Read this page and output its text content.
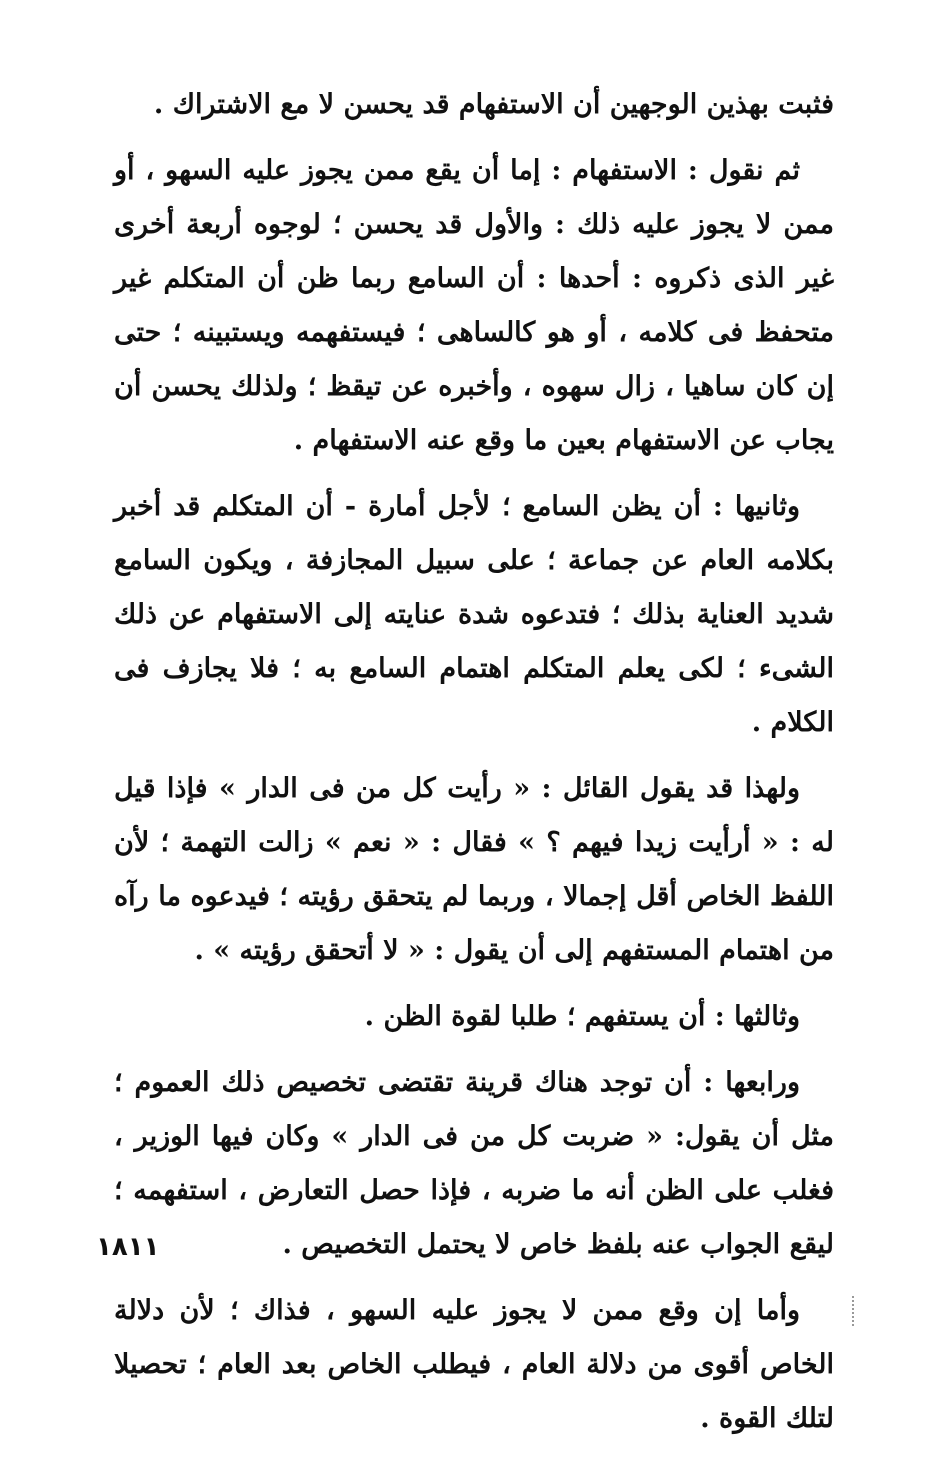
فثبت بهذين الوجهين أن الاستفهام قد يحسن لا مع الاشتراك .

ثم نقول : الاستفهام : إما أن يقع ممن يجوز عليه السهو ، أو ممن لا يجوز عليه ذلك : والأول قد يحسن ؛ لوجوه أربعة أخرى غير الذى ذكروه : أحدها : أن السامع ربما ظن أن المتكلم غير متحفظ فى كلامه ، أو هو كالساهى ؛ فيستفهمه ويستبينه ؛ حتى إن كان ساهيا ، زال سهوه ، وأخبره عن تيقظ ؛ ولذلك يحسن أن يجاب عن الاستفهام بعين ما وقع عنه الاستفهام .

وثانيها : أن يظن السامع ؛ لأجل أمارة - أن المتكلم قد أخبر بكلامه العام عن جماعة ؛ على سبيل المجازفة ، ويكون السامع شديد العناية بذلك ؛ فتدعوه شدة عنايته إلى الاستفهام عن ذلك الشىء ؛ لكى يعلم المتكلم اهتمام السامع به ؛ فلا يجازف فى الكلام .

ولهذا قد يقول القائل : « رأيت كل من فى الدار » فإذا قيل له : « أرأيت زيدا فيهم ؟ » فقال : « نعم » زالت التهمة ؛ لأن اللفظ الخاص أقل إجمالا ، وربما لم يتحقق رؤيته ؛ فيدعوه ما رآه من اهتمام المستفهم إلى أن يقول : « لا أتحقق رؤيته » .

وثالثها : أن يستفهم ؛ طلبا لقوة الظن .

ورابعها : أن توجد هناك قرينة تقتضى تخصيص ذلك العموم ؛ مثل أن يقول: « ضربت كل من فى الدار » وكان فيها الوزير ، فغلب على الظن أنه ما ضربه ، فإذا حصل التعارض ، استفهمه ؛ ليقع الجواب عنه بلفظ خاص لا يحتمل التخصيص .

وأما إن وقع ممن لا يجوز عليه السهو ، فذاك ؛ لأن دلالة الخاص أقوى من دلالة العام ، فيطلب الخاص بعد العام ؛ تحصيلا لتلك القوة .

١٨١١
